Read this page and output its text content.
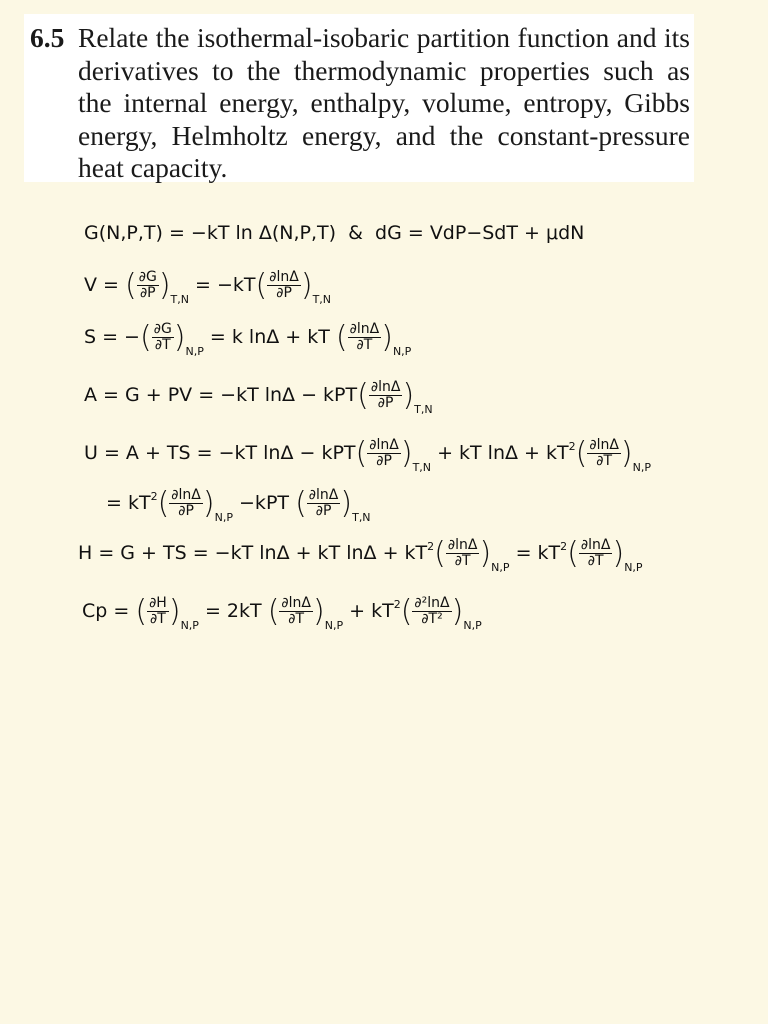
6.5 Relate the isothermal-isobaric partition function and its derivatives to the thermodynamic properties such as the internal energy, enthalpy, volume, entropy, Gibbs energy, Helmholtz energy, and the constant-pressure heat capacity.
G(N,P,T) = −kT ln Δ(N,P,T) & dG = VdP−SdT + μdN
V = ( $\frac{\partial G}{\partial P} )_{T,N} = -kT( \frac{\partial\ln\Delta}{\partial P} )_{T,N}$
S = −( $\frac{\partial G}{\partial T} )_{N,P} = k$ lnΔ + kT ( $\frac{\partial\ln\Delta}{\partial T} )_{N,P}$
A = G + PV = −kT $\ln\Delta - kPT( \frac{\partial\ln\Delta}{\partial P} )_{T,N}$
U = A + TS = −kT $\ln\Delta - kPT( \frac{\partial\ln\Delta}{\partial P} )_{T,N}$ + kT $\ln\Delta + kT^2( \frac{\partial\ln\Delta}{\partial T} )_{N,P}$
= $kT^2( \frac{\partial\ln\Delta}{\partial P} )_{N,P} -kPT$ ( $\frac{\partial\ln\Delta}{\partial P} )_{T,N}$
H = G + TS = −kT lnΔ + kT $\ln\Delta + kT^2( \frac{\partial\ln\Delta}{\partial T} )_{N,P} = kT^2( \frac{\partial\ln\Delta}{\partial T} )_{N,P}$
Cp = ( $\frac{\partial H}{\partial T} )_{N,P} = 2kT$ ( $\frac{\partial\ln\Delta}{\partial T} )_{N,P} + kT^2( \frac{\text{∂²lnΔ}}{\text{∂T²}} )_{N,P}$
